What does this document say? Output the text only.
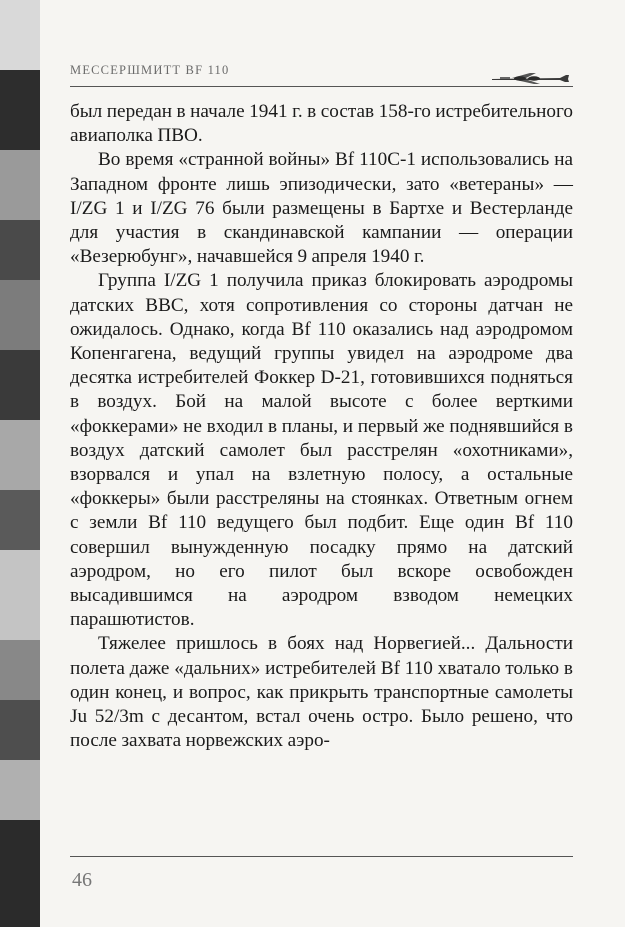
МЕССЕРШМИТТ BF 110

был передан в начале 1941 г. в состав 158-го истребительного авиаполка ПВО.

Во время «странной войны» Bf 110C-1 использовались на Западном фронте лишь эпизодически, зато «ветераны» — I/ZG 1 и I/ZG 76 были размещены в Бартхе и Вестерланде для участия в скандинавской кампании — операции «Везерюбунг», начавшейся 9 апреля 1940 г.

Группа I/ZG 1 получила приказ блокировать аэродромы датских ВВС, хотя сопротивления со стороны датчан не ожидалось. Однако, когда Bf 110 оказались над аэродромом Копенгагена, ведущий группы увидел на аэродроме два десятка истребителей Фоккер D-21, готовившихся подняться в воздух. Бой на малой высоте с более верткими «фоккерами» не входил в планы, и первый же поднявшийся в воздух датский самолет был расстрелян «охотниками», взорвался и упал на взлетную полосу, а остальные «фоккеры» были расстреляны на стоянках. Ответным огнем с земли Bf 110 ведущего был подбит. Еще один Bf 110 совершил вынужденную посадку прямо на датский аэродром, но его пилот был вскоре освобожден высадившимся на аэродром взводом немецких парашютистов.

Тяжелее пришлось в боях над Норвегией... Дальности полета даже «дальних» истребителей Bf 110 хватало только в один конец, и вопрос, как прикрыть транспортные самолеты Ju 52/3m с десантом, встал очень остро. Было решено, что после захвата норвежских аэро-

46
